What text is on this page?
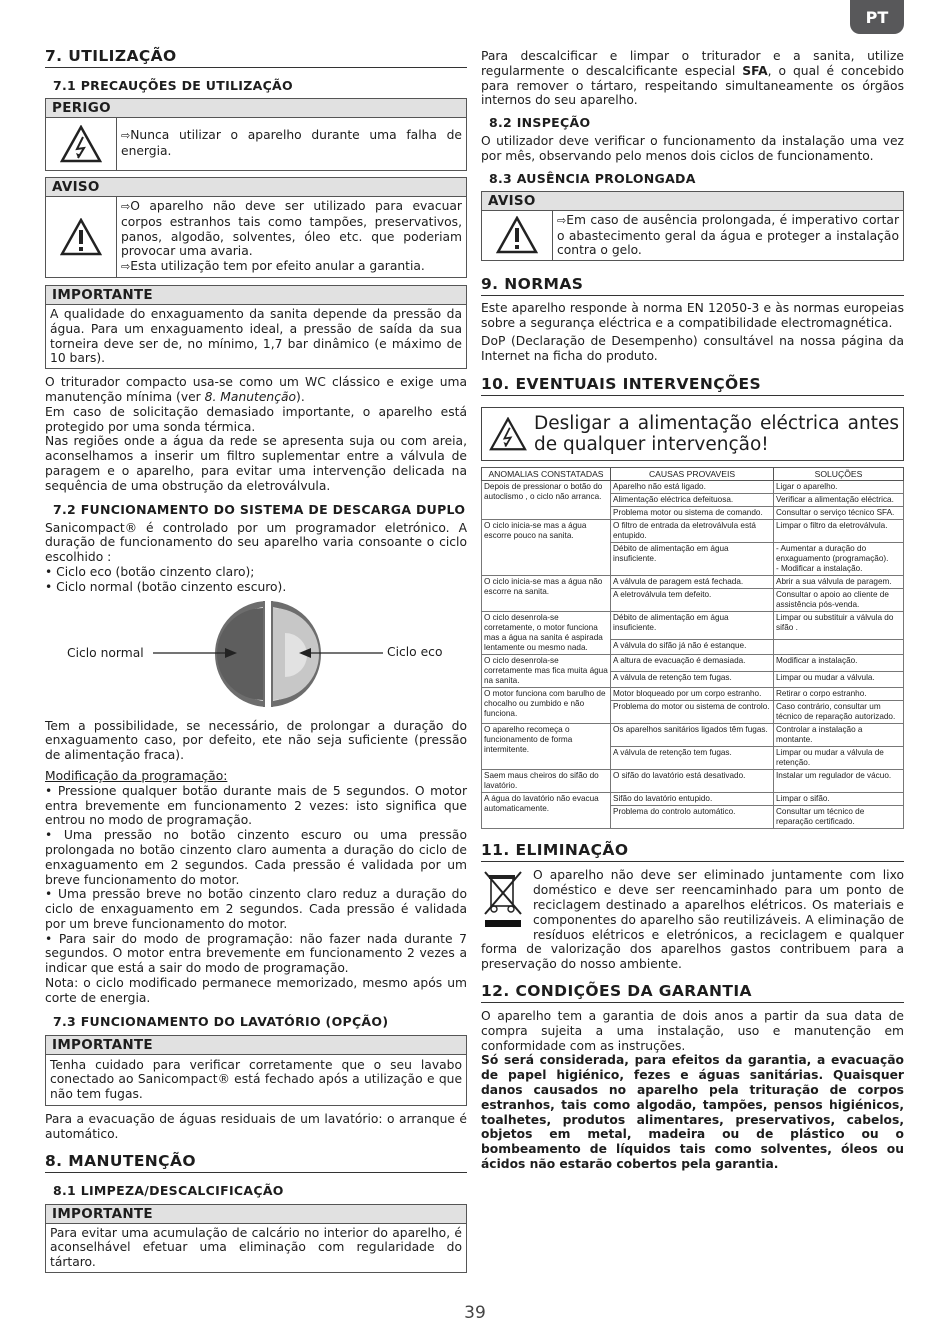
PT
7. UTILIZAÇÃO
7.1 PRECAUÇÕES DE UTILIZAÇÃO
PERIGO

⇨Nunca utilizar o aparelho durante uma falha de energia.

AVISO

⇨O aparelho não deve ser utilizado para evacuar corpos estranhos tais como tampões, preservativos, panos, algodão, solventes, óleo etc. que poderiam provocar uma avaria.

⇨Esta utilização tem por efeito anular a garantia.

IMPORTANTE

A qualidade do enxaguamento da sanita depende da pressão da água. Para um enxaguamento ideal, a pressão de saída da sua torneira deve ser de, no mínimo, 1,7 bar dinâmico (e máximo de 10 bars).

O triturador compacto usa-se como um WC clássico e exige uma manutenção mínima (ver 8. Manutenção).

Em caso de solicitação demasiado importante, o aparelho está protegido por uma sonda térmica.

Nas regiões onde a água da rede se apresenta suja ou com areia, aconselhamos a inserir um filtro suplementar entre a válvula de paragem e o aparelho, para evitar uma intervenção delicada na sequência de uma obstrução da eletroválvula.

7.2 FUNCIONAMENTO DO SISTEMA DE DESCARGA DUPLO

Sanicompact® é controlado por um programador eletrónico. A duração de funcionamento do seu aparelho varia consoante o ciclo escolhido :

• Ciclo eco (botão cinzento claro);
• Ciclo normal (botão cinzento escuro).
Ciclo normal	Ciclo eco

Tem a possibilidade, se necessário, de prolongar a duração do enxaguamento caso, por defeito, ete não seja suficiente (pressão de alimentação fraca).

Modificação da programação:

• Pressione qualquer botão durante mais de 5 segundos. O motor entra brevemente em funcionamento 2 vezes: isto significa que entrou no modo de programação.

• Uma pressão no botão cinzento escuro ou uma pressão prolongada no botão cinzento claro aumenta a duração do ciclo de enxaguamento em 2 segundos. Cada pressão é validada por um breve funcionamento do motor.

• Uma pressão breve no botão cinzento claro reduz a duração do ciclo de enxaguamento em 2 segundos. Cada pressão é validada por um breve funcionamento do motor.

• Para sair do modo de programação: não fazer nada durante 7 segundos. O motor entra brevemente em funcionamento 2 vezes a indicar que está a sair do modo de programação.

Nota: o ciclo modificado permanece memorizado, mesmo após um corte de energia.

7.3 FUNCIONAMENTO DO LAVATÓRIO (OPÇÃO)
IMPORTANTE

Tenha cuidado para verificar corretamente que o seu lavabo conectado ao Sanicompact® está fechado após a utilização e que não tem fugas.

Para a evacuação de águas residuais de um lavatório: o arranque é automático.

8. MANUTENÇÃO
8.1 LIMPEZA/DESCALCIFICAÇÃO
IMPORTANTE

Para evitar uma acumulação de calcário no interior do aparelho, é aconselhável efetuar uma eliminação com regularidade do tártaro.

Para descalcificar e limpar o triturador e a sanita, utilize regularmente o descalcificante especial SFA, o qual é concebido para remover o tártaro, respeitando simultaneamente os órgãos internos do seu aparelho.

8.2 INSPEÇÃO

O utilizador deve verificar o funcionamento da instalação uma vez por mês, observando pelo menos dois ciclos de funcionamento.

8.3 AUSÊNCIA PROLONGADA
AVISO

⇨Em caso de ausência prolongada, é imperativo cortar o abastecimento geral da água e proteger a instalação contra o gelo.

9. NORMAS

Este aparelho responde à norma EN 12050-3 e às normas europeias sobre a segurança eléctrica e a compatibilidade electromagnética.

DoP (Declaração de Desempenho) consultável na nossa página da Internet na ficha do produto.

10. EVENTUAIS INTERVENÇÕES
Desligar a alimentação eléctrica antes de qualquer intervenção!
ANOMALIAS CONSTATADAS	CAUSAS PROVAVEIS	SOLUÇÕES
Depois de pressionar o botão do autoclismo , o ciclo não arranca.	Aparelho não está ligado.	Ligar o aparelho.
	Alimentação eléctrica defeituosa.	Verificar a alimentação eléctrica.
	Problema motor ou sistema de comando.	Consultar o serviço técnico SFA.
O ciclo inicia-se mas a água escorre pouco na sanita.	O filtro de entrada da eletroválvula está entupido.	Limpar o filtro da eletroválvula.
	Débito de alimentação em água insuficiente.	- Aumentar a duração do enxaguamento (programação).
- Modificar a instalação.
O ciclo inicia-se mas a água não escorre na sanita.	A válvula de paragem está fechada.	Abrir a sua válvula de paragem.
	A eletroválvula tem defeito.	Consultar o apoio ao cliente de assistência pós-venda.
O ciclo desenrola-se corretamente, o motor funciona mas a água na sanita é aspirada lentamente ou mesmo nada.	Débito de alimentação em água insuficiente.	Limpar ou substituir a válvula do sifão .
	A válvula do sifão já não é estanque.	
O ciclo desenrola-se corretamente mas fica muita água na sanita.	A altura de evacuação é demasiada.	Modificar a instalação.
	A válvula de retenção tem fugas.	Limpar ou mudar a válvula.
O motor funciona com barulho de chocalho ou zumbido e não funciona.	Motor bloqueado por um corpo estranho.	Retirar o corpo estranho.
	Problema do motor ou sistema de controlo.	Caso contrário, consultar um técnico de reparação autorizado.
O aparelho recomeça o funcionamento de forma intermitente.	Os aparelhos sanitários ligados têm fugas.	Controlar a instalação a montante.
	A válvula de retenção tem fugas.	Limpar ou mudar a válvula de retenção.
Saem maus cheiros do sifão do lavatório.	O sifão do lavatório está desativado.	Instalar um regulador de vácuo.
A água do lavatório não evacua automaticamente.	Sifão do lavatório entupido.	Limpar o sifão.
	Problema do controlo automático.	Consultar um técnico de reparação certificado.
11. ELIMINAÇÃO

O aparelho não deve ser eliminado juntamente com lixo doméstico e deve ser reencaminhado para um ponto de reciclagem destinado a aparelhos elétricos. Os materiais e componentes do aparelho são reutilizáveis. A eliminação de resíduos elétricos e eletrónicos, a reciclagem e qualquer forma de valorização dos aparelhos gastos contribuem para a preservação do nosso ambiente.

12. CONDIÇÕES DA GARANTIA

O aparelho tem a garantia de dois anos a partir da sua data de compra sujeita a uma instalação, uso e manutenção em conformidade com as instruções.

Só será considerada, para efeitos da garantia, a evacuação de papel higiénico, fezes e águas sanitárias. Quaisquer danos causados no aparelho pela trituração de corpos estranhos, tais como algodão, tampões, pensos higiénicos, toalhetes, produtos alimentares, preservativos, cabelos, objetos em metal, madeira ou de plástico ou o bombeamento de líquidos tais como solventes, óleos ou ácidos não estarão cobertos pela garantia.

39
